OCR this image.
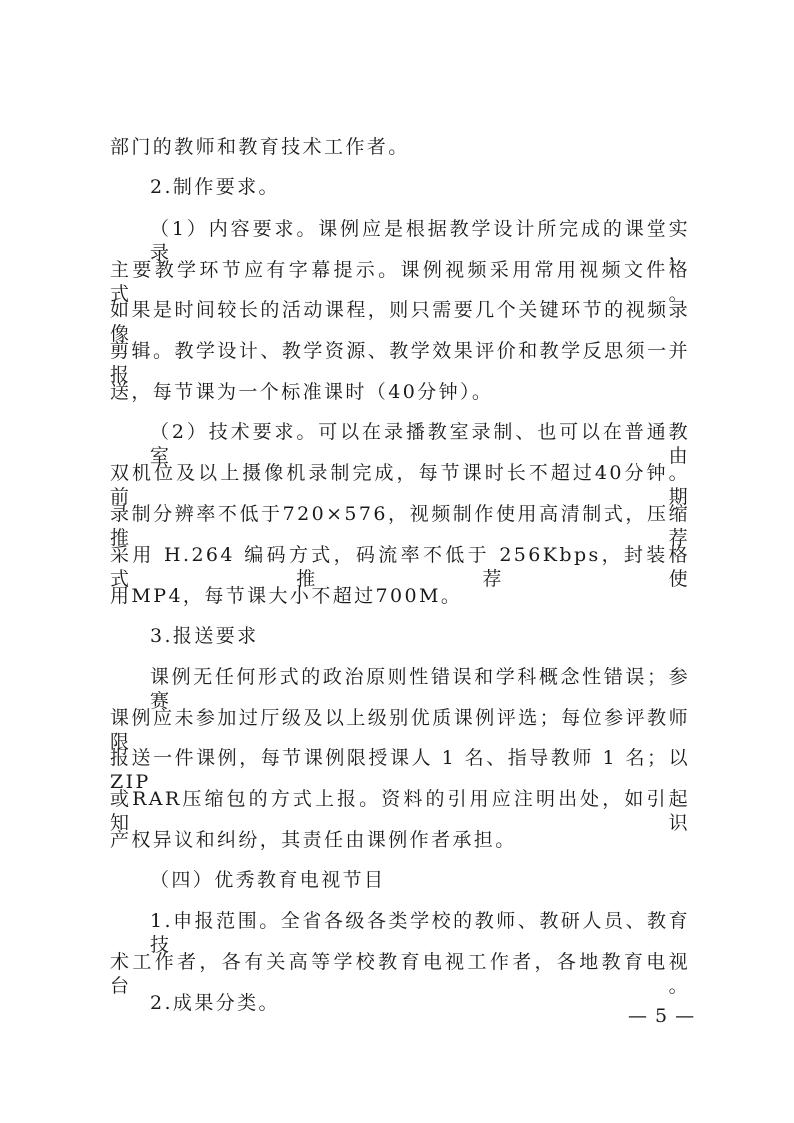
部门的教师和教育技术工作者。
2.制作要求。
（1）内容要求。课例应是根据教学设计所完成的课堂实录，
主要教学环节应有字幕提示。课例视频采用常用视频文件格式。
如果是时间较长的活动课程，则只需要几个关键环节的视频录像
剪辑。教学设计、教学资源、教学效果评价和教学反思须一并报
送，每节课为一个标准课时（40分钟）。
（2）技术要求。可以在录播教室录制、也可以在普通教室由
双机位及以上摄像机录制完成，每节课时长不超过40分钟。前期
录制分辨率不低于720×576，视频制作使用高清制式，压缩推荐
采用 H.264 编码方式，码流率不低于 256Kbps，封装格式推荐使
用MP4，每节课大小不超过700M。
3.报送要求
课例无任何形式的政治原则性错误和学科概念性错误；参赛
课例应未参加过厅级及以上级别优质课例评选；每位参评教师限
报送一件课例，每节课例限授课人 1 名、指导教师 1 名；以 ZIP
或RAR压缩包的方式上报。资料的引用应注明出处，如引起知识
产权异议和纠纷，其责任由课例作者承担。
（四）优秀教育电视节目
1.申报范围。全省各级各类学校的教师、教研人员、教育技
术工作者，各有关高等学校教育电视工作者，各地教育电视台。
2.成果分类。
— 5 —
